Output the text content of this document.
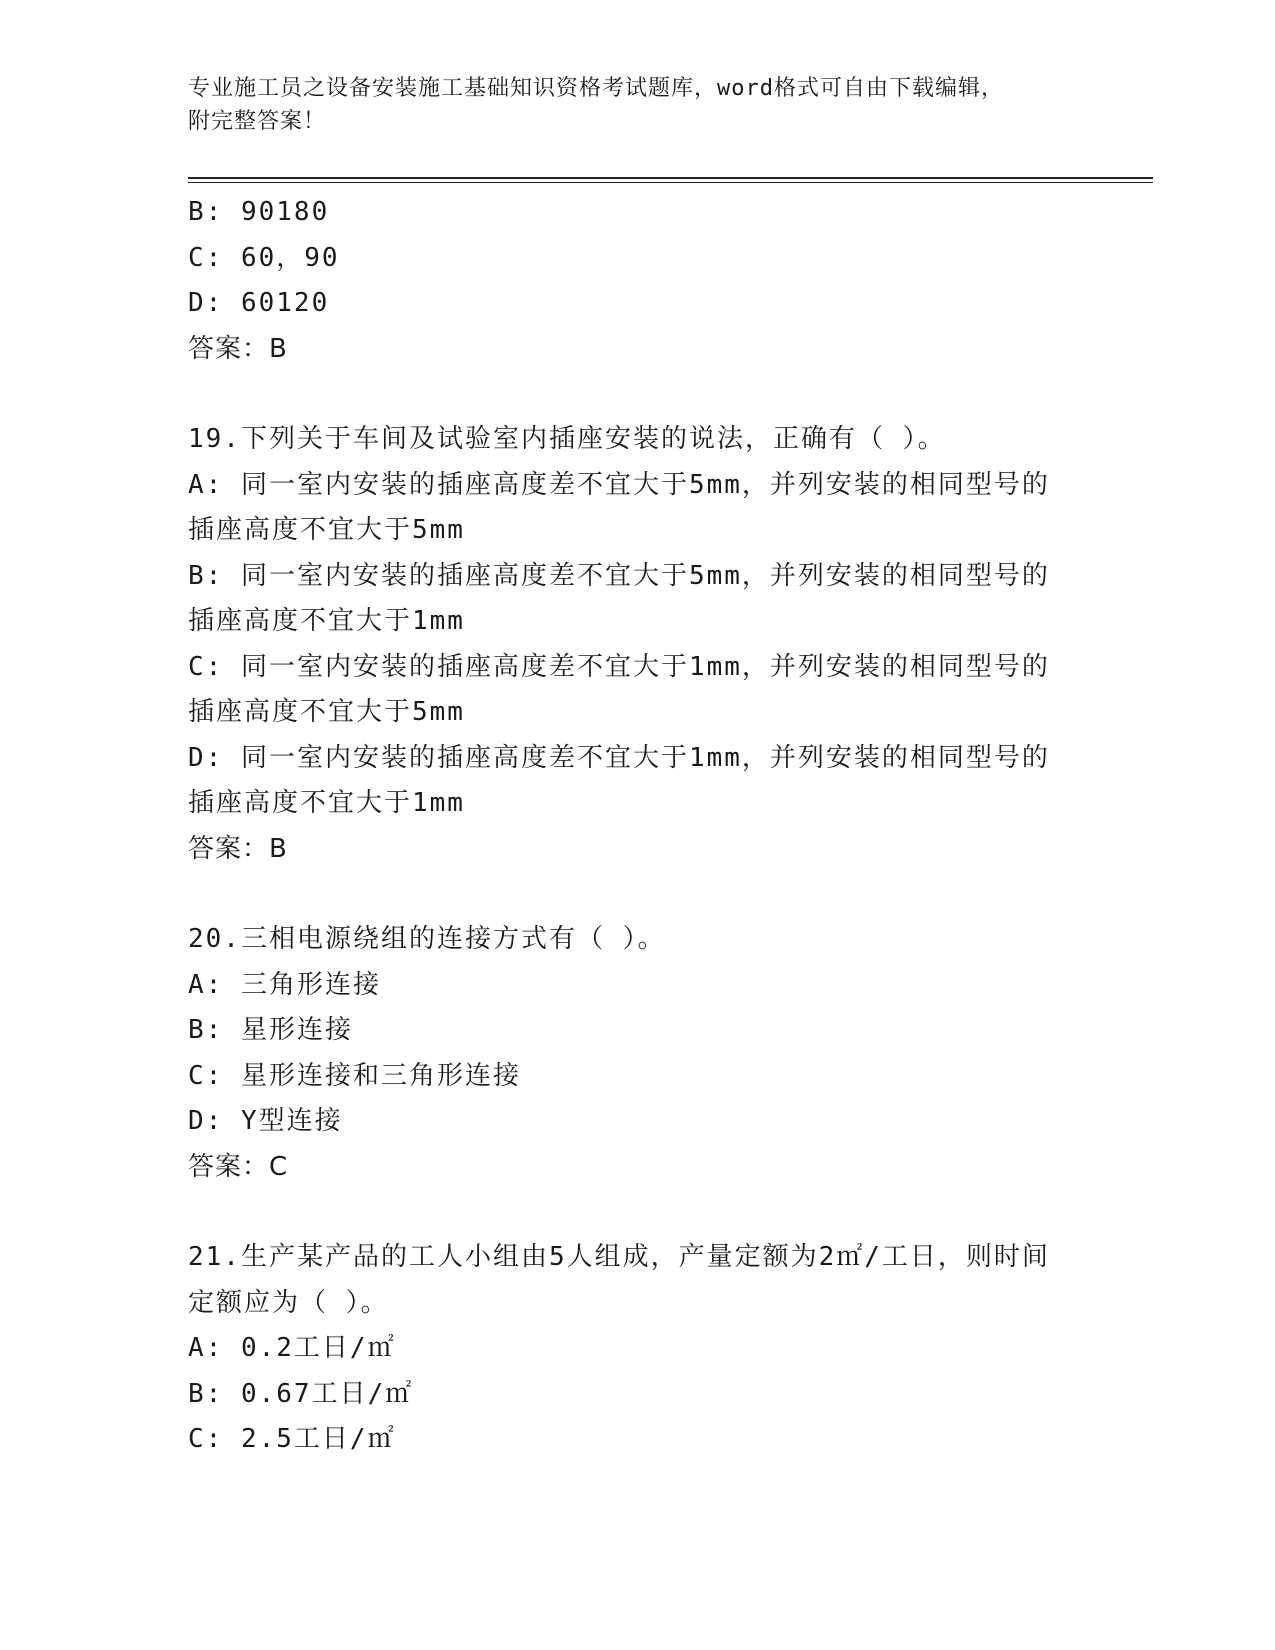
专业施工员之设备安装施工基础知识资格考试题库，word格式可自由下载编辑，
附完整答案！
B: 90180
C: 60，90
D: 60120
答案：B
19.下列关于车间及试验室内插座安装的说法，正确有（ ）。
A: 同一室内安装的插座高度差不宜大于5mm，并列安装的相同型号的
插座高度不宜大于5mm
B: 同一室内安装的插座高度差不宜大于5mm，并列安装的相同型号的
插座高度不宜大于1mm
C: 同一室内安装的插座高度差不宜大于1mm，并列安装的相同型号的
插座高度不宜大于5mm
D: 同一室内安装的插座高度差不宜大于1mm，并列安装的相同型号的
插座高度不宜大于1mm
答案：B
20.三相电源绕组的连接方式有（ ）。
A: 三角形连接
B: 星形连接
C: 星形连接和三角形连接
D: Y型连接
答案：C
21.生产某产品的工人小组由5人组成，产量定额为2㎡/工日，则时间
定额应为（ ）。
A: 0.2工日/㎡
B: 0.67工日/㎡
C: 2.5工日/㎡
